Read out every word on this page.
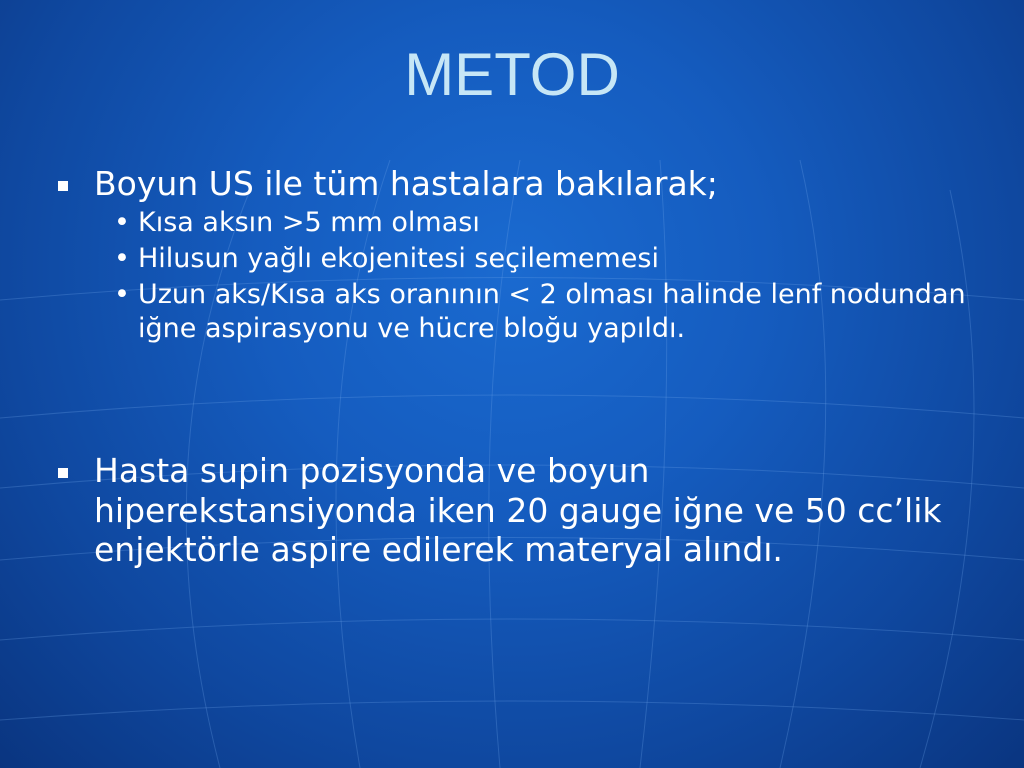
METOD
Boyun US ile tüm hastalara bakılarak;
• Kısa aksın >5 mm olması
• Hilusun yağlı ekojenitesi seçilememesi
• Uzun aks/Kısa aks oranının < 2 olması halinde lenf nodundan iğne aspirasyonu ve hücre bloğu yapıldı.
Hasta supin pozisyonda ve boyun hiperekstansiyonda iken 20 gauge iğne ve 50 cc’lik enjektörle aspire edilerek materyal alındı.
